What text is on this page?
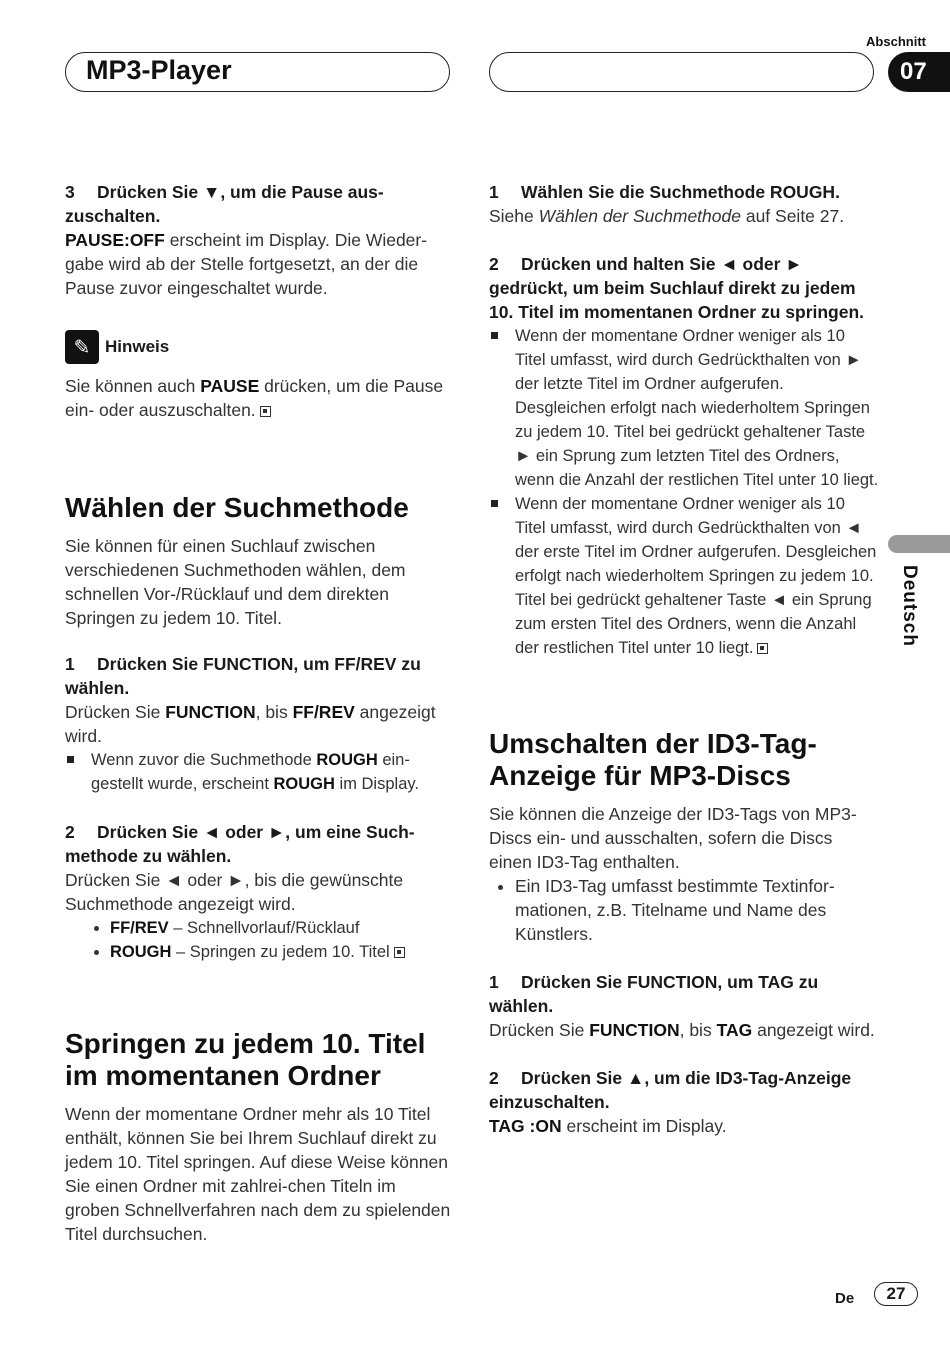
Abschnitt
MP3-Player	07
Deutsch

3 Drücken Sie ▼, um die Pause aus-zuschalten.

PAUSE:OFF erscheint im Display. Die Wieder-gabe wird ab der Stelle fortgesetzt, an der die Pause zuvor eingeschaltet wurde.

✎ Hinweis

Sie können auch PAUSE drücken, um die Pause ein- oder auszuschalten.

Wählen der Suchmethode

Sie können für einen Suchlauf zwischen verschiedenen Suchmethoden wählen, dem schnellen Vor-/Rücklauf und dem direkten Springen zu jedem 10. Titel.

1 Drücken Sie FUNCTION, um FF/REV zu wählen.

Drücken Sie FUNCTION, bis FF/REV angezeigt wird.

Wenn zuvor die Suchmethode ROUGH ein-gestellt wurde, erscheint ROUGH im Display.

2 Drücken Sie ◄ oder ►, um eine Such-methode zu wählen.

Drücken Sie ◄ oder ►, bis die gewünschte Suchmethode angezeigt wird.

• FF/REV – Schnellvorlauf/Rücklauf
• ROUGH – Springen zu jedem 10. Titel
Springen zu jedem 10. Titel im momentanen Ordner

Wenn der momentane Ordner mehr als 10 Titel enthält, können Sie bei Ihrem Suchlauf direkt zu jedem 10. Titel springen. Auf diese Weise können Sie einen Ordner mit zahlrei-chen Titeln im groben Schnellverfahren nach dem zu spielenden Titel durchsuchen.

1 Wählen Sie die Suchmethode ROUGH.

Siehe Wählen der Suchmethode auf Seite 27.

2 Drücken und halten Sie ◄ oder ► gedrückt, um beim Suchlauf direkt zu jedem 10. Titel im momentanen Ordner zu springen.

Wenn der momentane Ordner weniger als 10 Titel umfasst, wird durch Gedrückthalten von ► der letzte Titel im Ordner aufgerufen. Desgleichen erfolgt nach wiederholtem Springen zu jedem 10. Titel bei gedrückt gehaltener Taste ► ein Sprung zum letzten Titel des Ordners, wenn die Anzahl der restlichen Titel unter 10 liegt.
Wenn der momentane Ordner weniger als 10 Titel umfasst, wird durch Gedrückthalten von ◄ der erste Titel im Ordner aufgerufen. Desgleichen erfolgt nach wiederholtem Springen zu jedem 10. Titel bei gedrückt gehaltener Taste ◄ ein Sprung zum ersten Titel des Ordners, wenn die Anzahl der restlichen Titel unter 10 liegt.
Umschalten der ID3-Tag-Anzeige für MP3-Discs

Sie können die Anzeige der ID3-Tags von MP3-Discs ein- und ausschalten, sofern die Discs einen ID3-Tag enthalten.

• Ein ID3-Tag umfasst bestimmte Textinfor-mationen, z.B. Titelname und Name des Künstlers.

1 Drücken Sie FUNCTION, um TAG zu wählen.

Drücken Sie FUNCTION, bis TAG angezeigt wird.

2 Drücken Sie ▲, um die ID3-Tag-Anzeige einzuschalten.

TAG :ON erscheint im Display.

De	27
